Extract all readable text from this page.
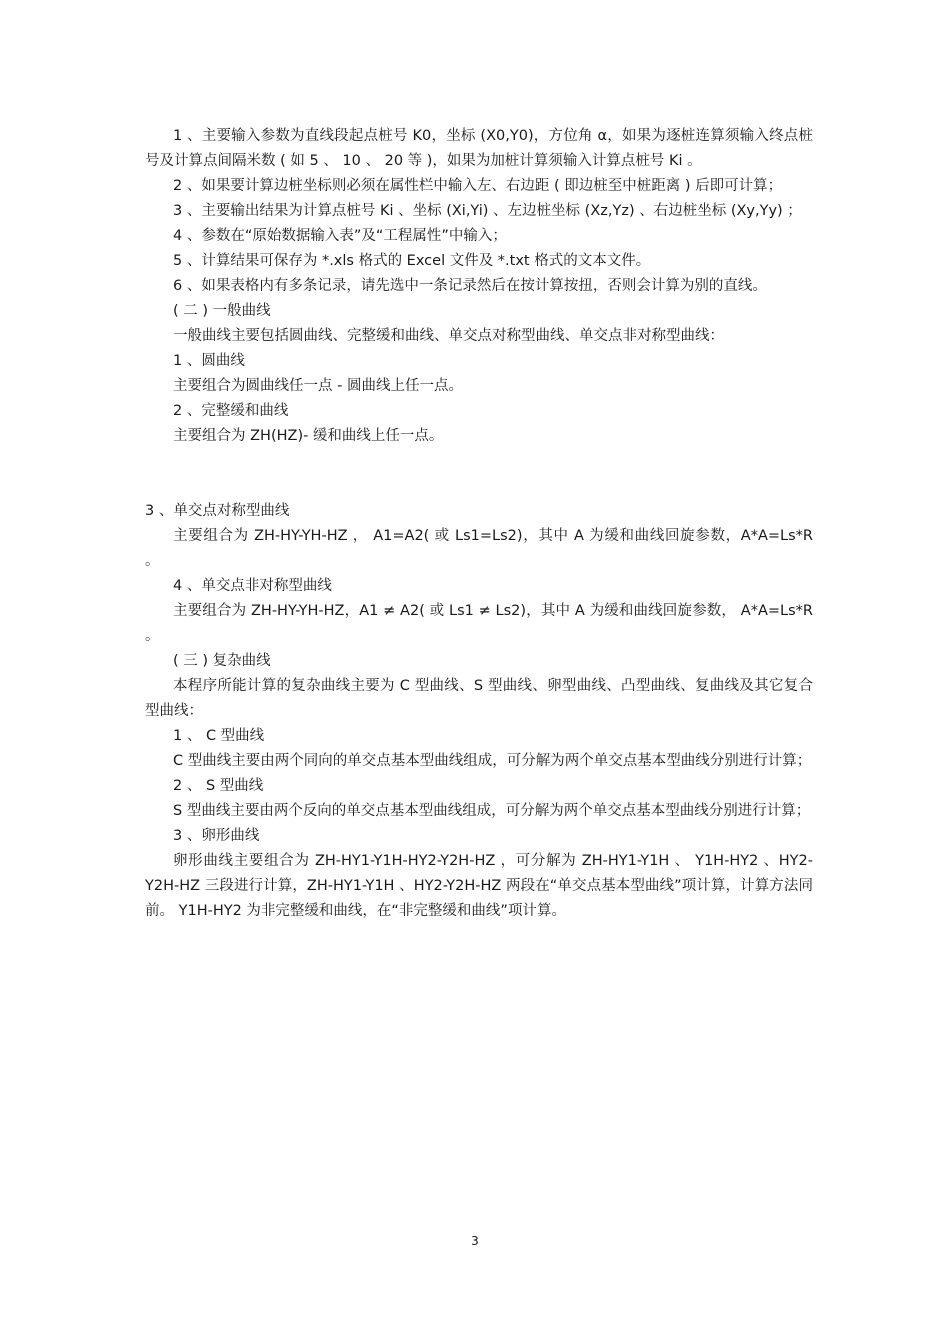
1 、主要输入参数为直线段起点桩号 K0，坐标 (X0,Y0)，方位角 α，如果为逐桩连算须输入终点桩号及计算点间隔米数 ( 如 5 、 10 、 20 等 )，如果为加桩计算须输入计算点桩号 Ki 。

2 、如果要计算边桩坐标则必须在属性栏中输入左、右边距 ( 即边桩至中桩距离 ) 后即可计算；

3 、主要输出结果为计算点桩号 Ki 、坐标 (Xi,Yi) 、左边桩坐标 (Xz,Yz) 、右边桩坐标 (Xy,Yy) ；

4 、参数在“原始数据输入表”及“工程属性”中输入；

5 、计算结果可保存为 *.xls 格式的 Excel 文件及 *.txt 格式的文本文件。

6 、如果表格内有多条记录，请先选中一条记录然后在按计算按扭，否则会计算为别的直线。

( 二 ) 一般曲线

一般曲线主要包括圆曲线、完整缓和曲线、单交点对称型曲线、单交点非对称型曲线：

1 、圆曲线

主要组合为圆曲线任一点 - 圆曲线上任一点。

2 、完整缓和曲线

主要组合为 ZH(HZ)- 缓和曲线上任一点。

3 、单交点对称型曲线

主要组合为 ZH-HY-YH-HZ ， A1=A2( 或 Ls1=Ls2)，其中 A 为缓和曲线回旋参数，A*A=Ls*R 。

4 、单交点非对称型曲线

主要组合为 ZH-HY-YH-HZ，A1 ≠ A2( 或 Ls1 ≠ Ls2)，其中 A 为缓和曲线回旋参数， A*A=Ls*R 。

( 三 ) 复杂曲线

本程序所能计算的复杂曲线主要为 C 型曲线、S 型曲线、卵型曲线、凸型曲线、复曲线及其它复合型曲线：

1 、 C 型曲线

C 型曲线主要由两个同向的单交点基本型曲线组成，可分解为两个单交点基本型曲线分别进行计算；

2 、 S 型曲线

S 型曲线主要由两个反向的单交点基本型曲线组成，可分解为两个单交点基本型曲线分别进行计算；

3 、卵形曲线

卵形曲线主要组合为 ZH-HY1-Y1H-HY2-Y2H-HZ ，可分解为 ZH-HY1-Y1H 、 Y1H-HY2 、HY2-Y2H-HZ 三段进行计算，ZH-HY1-Y1H 、HY2-Y2H-HZ 两段在“单交点基本型曲线”项计算，计算方法同前。 Y1H-HY2 为非完整缓和曲线，在“非完整缓和曲线”项计算。

3
